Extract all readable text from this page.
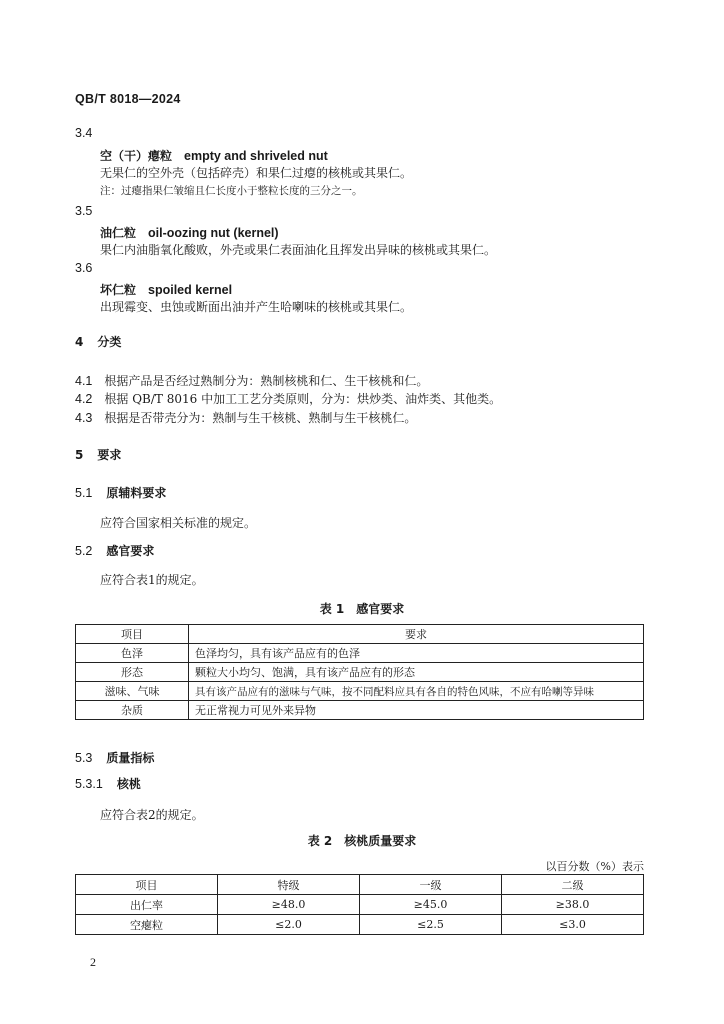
QB/T 8018—2024
3.4
空（干）瘪粒 empty and shriveled nut
无果仁的空外壳（包括碎壳）和果仁过瘪的核桃或其果仁。
注：过瘪指果仁皱缩且仁长度小于整粒长度的三分之一。
3.5
油仁粒 oil-oozing nut (kernel)
果仁内油脂氧化酸败，外壳或果仁表面油化且挥发出异味的核桃或其果仁。
3.6
坏仁粒 spoiled kernel
出现霉变、虫蚀或断面出油并产生哈喇味的核桃或其果仁。
4 分类
4.1 根据产品是否经过熟制分为：熟制核桃和仁、生干核桃和仁。
4.2 根据 QB/T 8016 中加工工艺分类原则，分为：烘炒类、油炸类、其他类。
4.3 根据是否带壳分为：熟制与生干核桃、熟制与生干核桃仁。
5 要求
5.1 原辅料要求
应符合国家相关标准的规定。
5.2 感官要求
应符合表1的规定。
表 1　感官要求
项目	要求
色泽	色泽均匀，具有该产品应有的色泽
形态	颗粒大小均匀、饱满，具有该产品应有的形态
滋味、气味	具有该产品应有的滋味与气味，按不同配料应具有各自的特色风味，不应有哈喇等异味
杂质	无正常视力可见外来异物
5.3 质量指标
5.3.1 核桃
应符合表2的规定。
表 2　核桃质量要求
以百分数（%）表示
项目	特级	一级	二级
出仁率	≥48.0	≥45.0	≥38.0
空瘪粒	≤2.0	≤2.5	≤3.0
2
